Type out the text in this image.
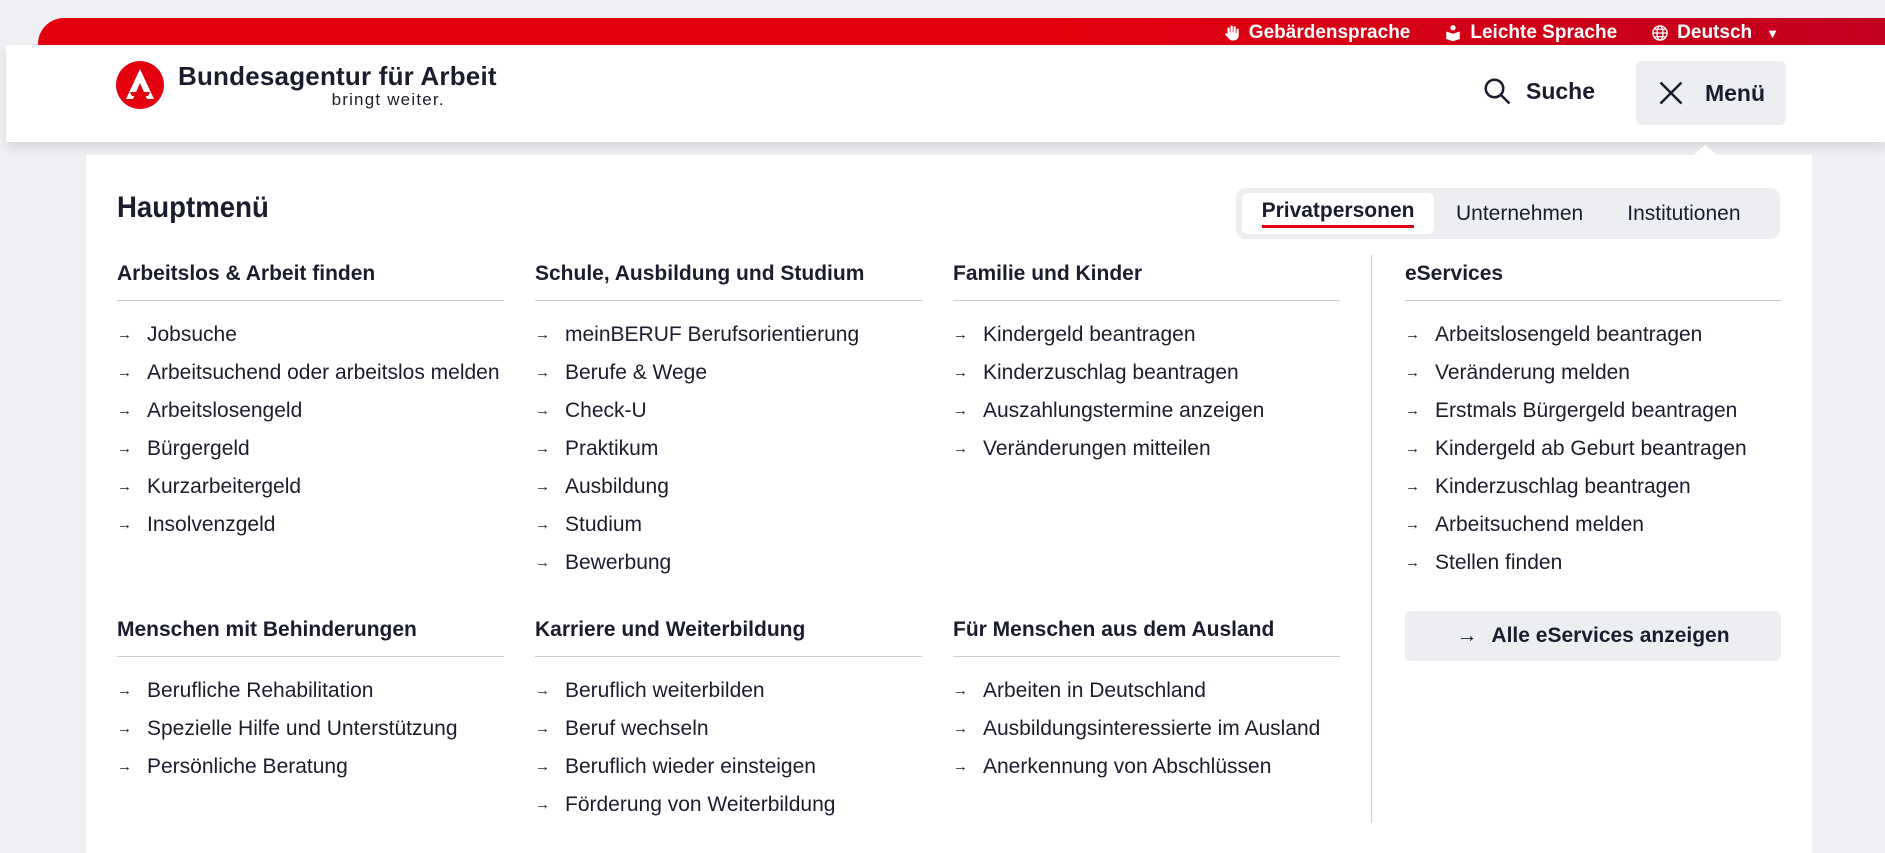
Gebärdensprache	Leichte Sprache	Deutsch ▼
Bundesagentur für Arbeit
bringt weiter.	Suche	Menü
Hauptmenü	Privatpersonen Unternehmen Institutionen
Arbeitslos & Arbeit finden
→ Jobsuche
→ Arbeitsuchend oder arbeitslos melden
→ Arbeitslosengeld
→ Bürgergeld
→ Kurzarbeitergeld
→ Insolvenzgeld
Schule, Ausbildung und Studium
→ meinBERUF Berufsorientierung
→ Berufe & Wege
→ Check-U
→ Praktikum
→ Ausbildung
→ Studium
→ Bewerbung
Familie und Kinder
→ Kindergeld beantragen
→ Kinderzuschlag beantragen
→ Auszahlungstermine anzeigen
→ Veränderungen mitteilen
eServices
→ Arbeitslosengeld beantragen
→ Veränderung melden
→ Erstmals Bürgergeld beantragen
→ Kindergeld ab Geburt beantragen
→ Kinderzuschlag beantragen
→ Arbeitsuchend melden
→ Stellen finden
→ Alle eServices anzeigen
Menschen mit Behinderungen
→ Berufliche Rehabilitation
→ Spezielle Hilfe und Unterstützung
→ Persönliche Beratung
Karriere und Weiterbildung
→ Beruflich weiterbilden
→ Beruf wechseln
→ Beruflich wieder einsteigen
→ Förderung von Weiterbildung
Für Menschen aus dem Ausland
→ Arbeiten in Deutschland
→ Ausbildungsinteressierte im Ausland
→ Anerkennung von Abschlüssen
